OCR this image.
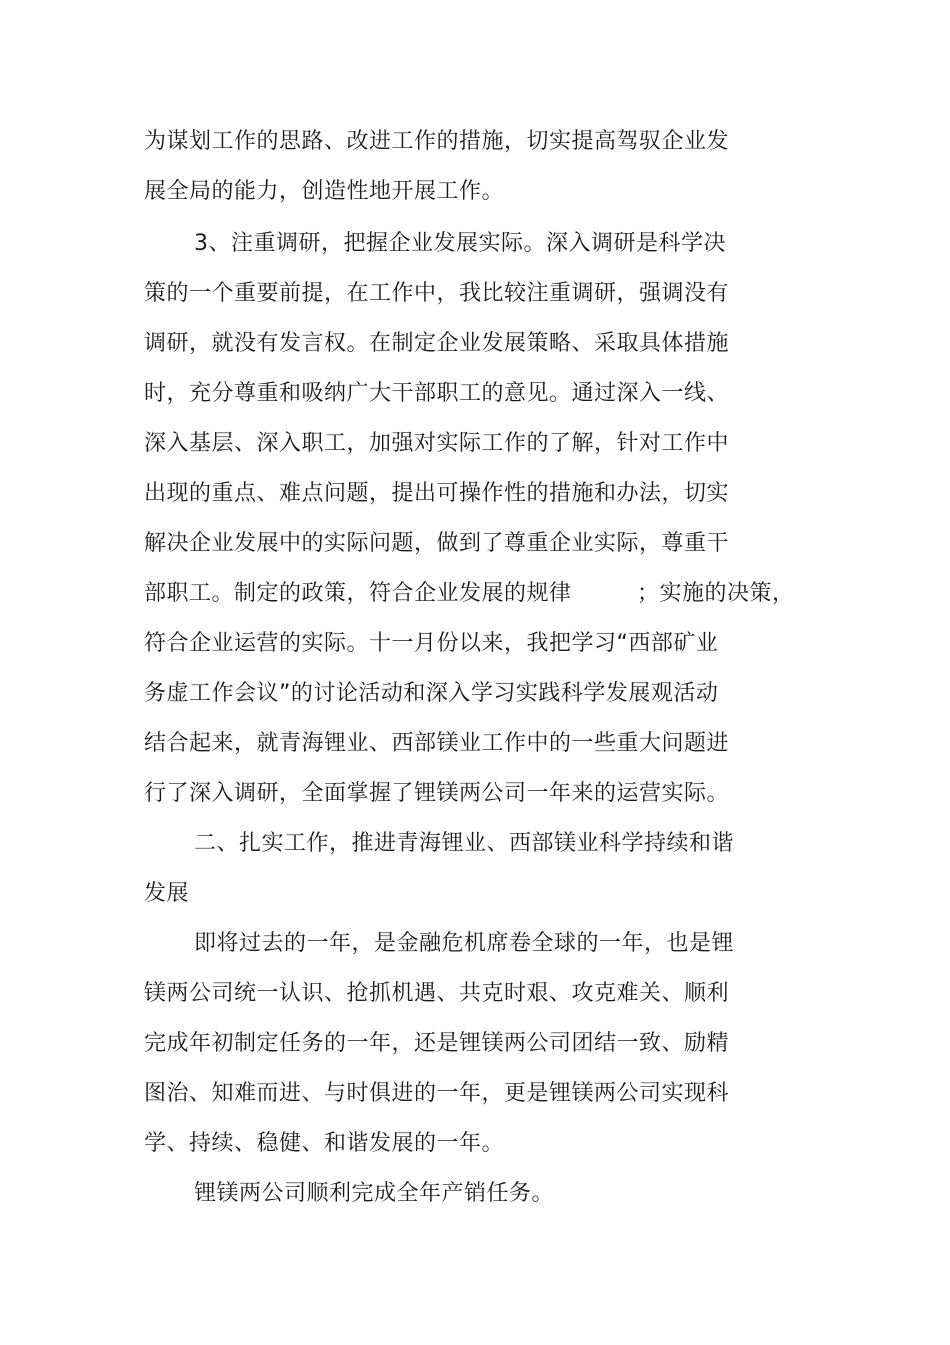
为谋划工作的思路、改进工作的措施，切实提高驾驭企业发
展全局的能力，创造性地开展工作。
3、注重调研，把握企业发展实际。深入调研是科学决
策的一个重要前提，在工作中，我比较注重调研，强调没有
调研，就没有发言权。在制定企业发展策略、采取具体措施
时，充分尊重和吸纳广大干部职工的意见。通过深入一线、
深入基层、深入职工，加强对实际工作的了解，针对工作中
出现的重点、难点问题，提出可操作性的措施和办法，切实
解决企业发展中的实际问题，做到了尊重企业实际，尊重干
部职工。制定的政策，符合企业发展的规律	；实施的决策，
符合企业运营的实际。十一月份以来，我把学习“西部矿业
务虚工作会议”的讨论活动和深入学习实践科学发展观活动
结合起来，就青海锂业、西部镁业工作中的一些重大问题进
行了深入调研，全面掌握了锂镁两公司一年来的运营实际。
二、扎实工作，推进青海锂业、西部镁业科学持续和谐
发展
即将过去的一年，是金融危机席卷全球的一年，也是锂
镁两公司统一认识、抢抓机遇、共克时艰、攻克难关、顺利
完成年初制定任务的一年，还是锂镁两公司团结一致、励精
图治、知难而进、与时俱进的一年，更是锂镁两公司实现科
学、持续、稳健、和谐发展的一年。
锂镁两公司顺利完成全年产销任务。
